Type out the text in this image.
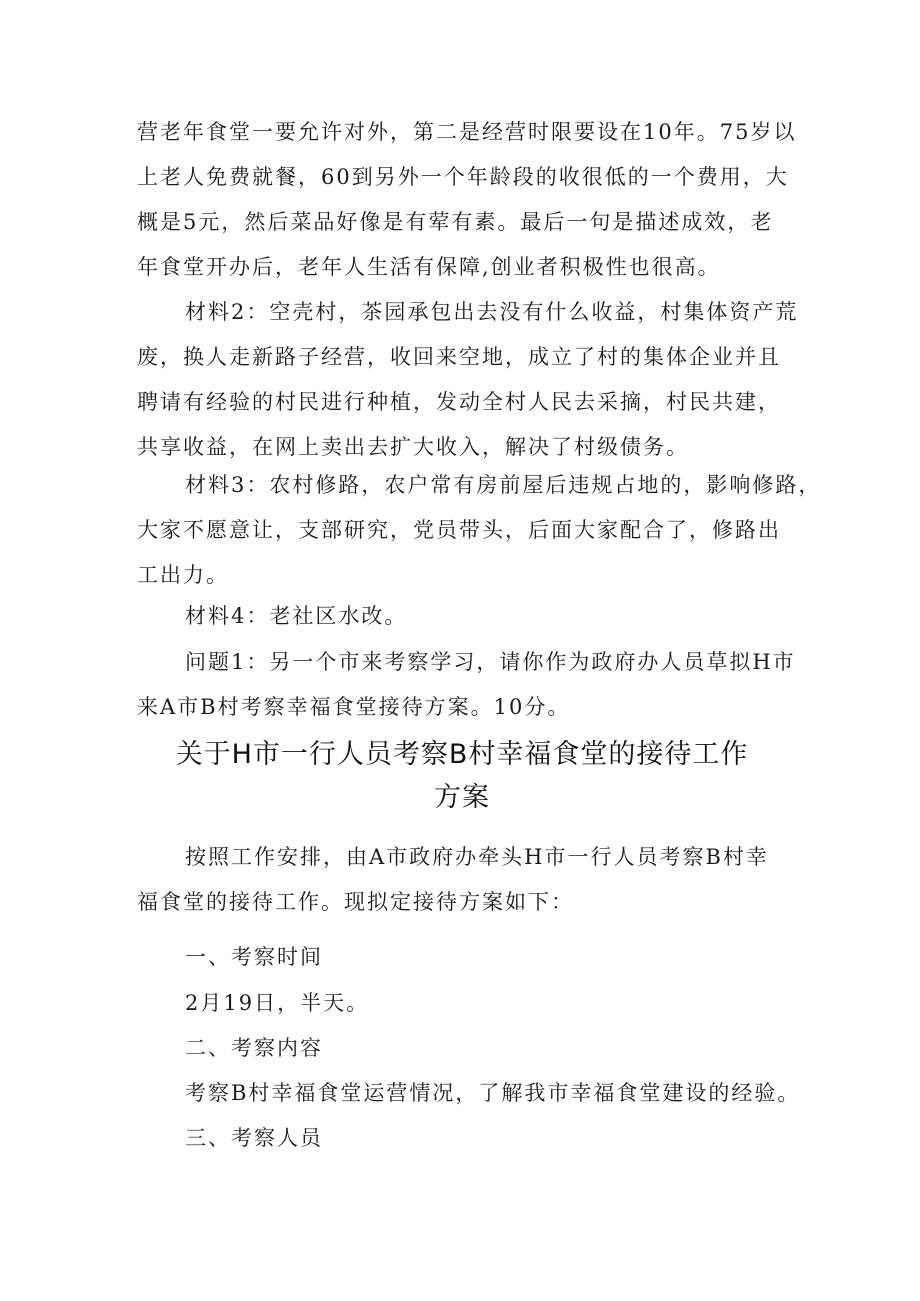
营老年食堂一要允许对外，第二是经营时限要设在10年。75岁以
上老人免费就餐，60到另外一个年龄段的收很低的一个费用，大
概是5元，然后菜品好像是有荤有素。最后一句是描述成效，老
年食堂开办后，老年人生活有保障,创业者积极性也很高。
材料2：空壳村，茶园承包出去没有什么收益，村集体资产荒
废，换人走新路子经营，收回来空地，成立了村的集体企业并且
聘请有经验的村民进行种植，发动全村人民去采摘，村民共建，
共享收益，在网上卖出去扩大收入，解决了村级债务。
材料3：农村修路，农户常有房前屋后违规占地的，影响修路，
大家不愿意让，支部研究，党员带头，后面大家配合了，修路出
工出力。
材料4：老社区水改。
问题1：另一个市来考察学习，请你作为政府办人员草拟H市
来A市B村考察幸福食堂接待方案。10分。
关于H市一行人员考察B村幸福食堂的接待工作
方案
按照工作安排，由A市政府办牵头H市一行人员考察B村幸
福食堂的接待工作。现拟定接待方案如下：
一、考察时间
2月19日，半天。
二、考察内容
考察B村幸福食堂运营情况，了解我市幸福食堂建设的经验。
三、考察人员
